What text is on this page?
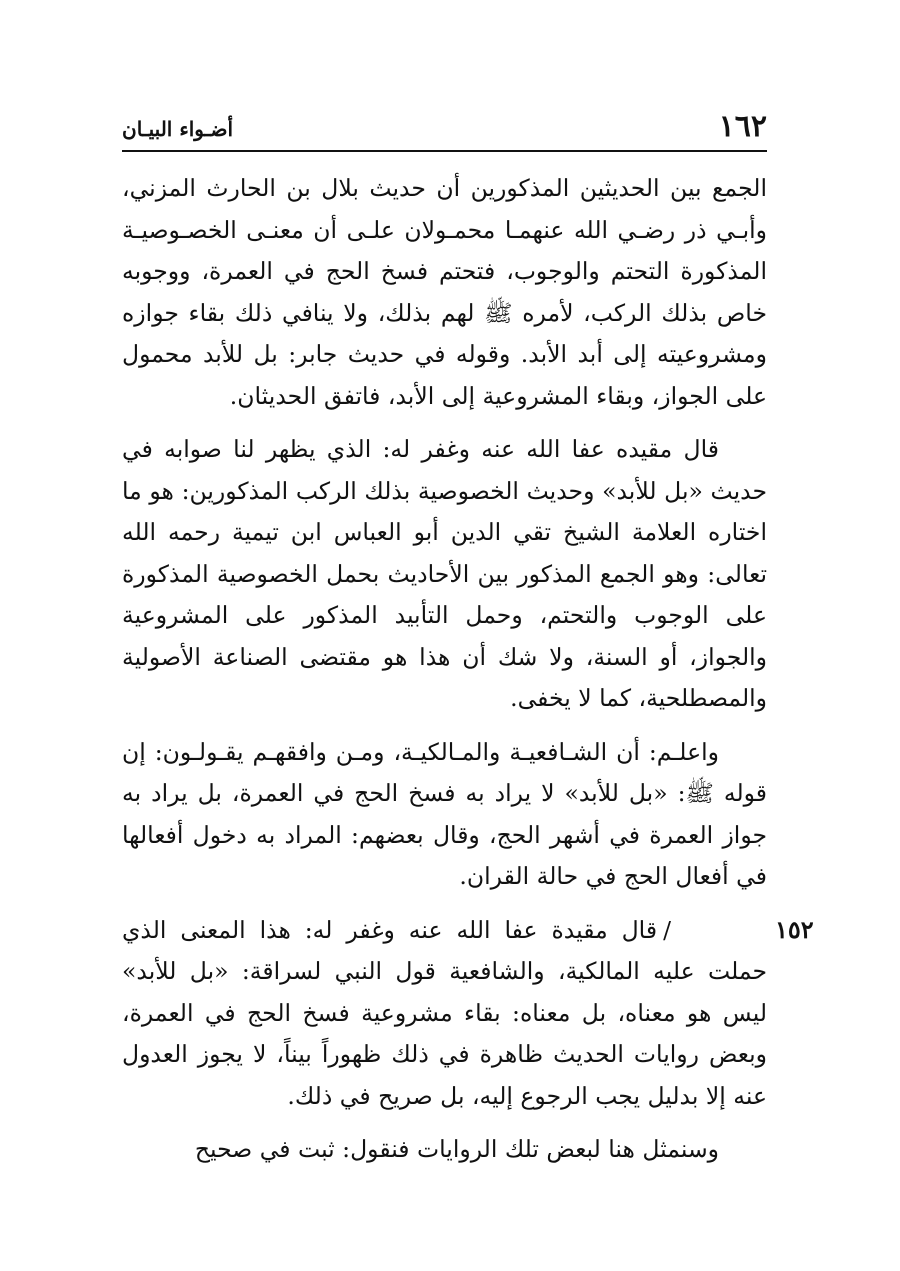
١٦٢
أضـواء البيـان
١٥٢

الجمع بين الحديثين المذكورين أن حديث بلال بن الحارث المزني، وأبـي ذر رضـي الله عنهمـا محمـولان علـى أن معنـى الخصـوصيـة المذكورة التحتم والوجوب، فتحتم فسخ الحج في العمرة، ووجوبه خاص بذلك الركب، لأمره ﷺ لهم بذلك، ولا ينافي ذلك بقاء جوازه ومشروعيته إلى أبد الأبد. وقوله في حديث جابر: بل للأبد محمول على الجواز، وبقاء المشروعية إلى الأبد، فاتفق الحديثان.

قال مقيده عفا الله عنه وغفر له: الذي يظهر لنا صوابه في حديث «بل للأبد» وحديث الخصوصية بذلك الركب المذكورين: هو ما اختاره العلامة الشيخ تقي الدين أبو العباس ابن تيمية رحمه الله تعالى: وهو الجمع المذكور بين الأحاديث بحمل الخصوصية المذكورة على الوجوب والتحتم، وحمل التأبيد المذكور على المشروعية والجواز، أو السنة، ولا شك أن هذا هو مقتضى الصناعة الأصولية والمصطلحية، كما لا يخفى.

واعلـم: أن الشـافعيـة والمـالكيـة، ومـن وافقهـم يقـولـون: إن قوله ﷺ: «بل للأبد» لا يراد به فسخ الحج في العمرة، بل يراد به جواز العمرة في أشهر الحج، وقال بعضهم: المراد به دخول أفعالها في أفعال الحج في حالة القران.

/قال مقيدة عفا الله عنه وغفر له: هذا المعنى الذي حملت عليه المالكية، والشافعية قول النبي لسراقة: «بل للأبد» ليس هو معناه، بل معناه: بقاء مشروعية فسخ الحج في العمرة، وبعض روايات الحديث ظاهرة في ذلك ظهوراً بيناً، لا يجوز العدول عنه إلا بدليل يجب الرجوع إليه، بل صريح في ذلك.

وسنمثل هنا لبعض تلك الروايات فنقول: ثبت في صحيح
